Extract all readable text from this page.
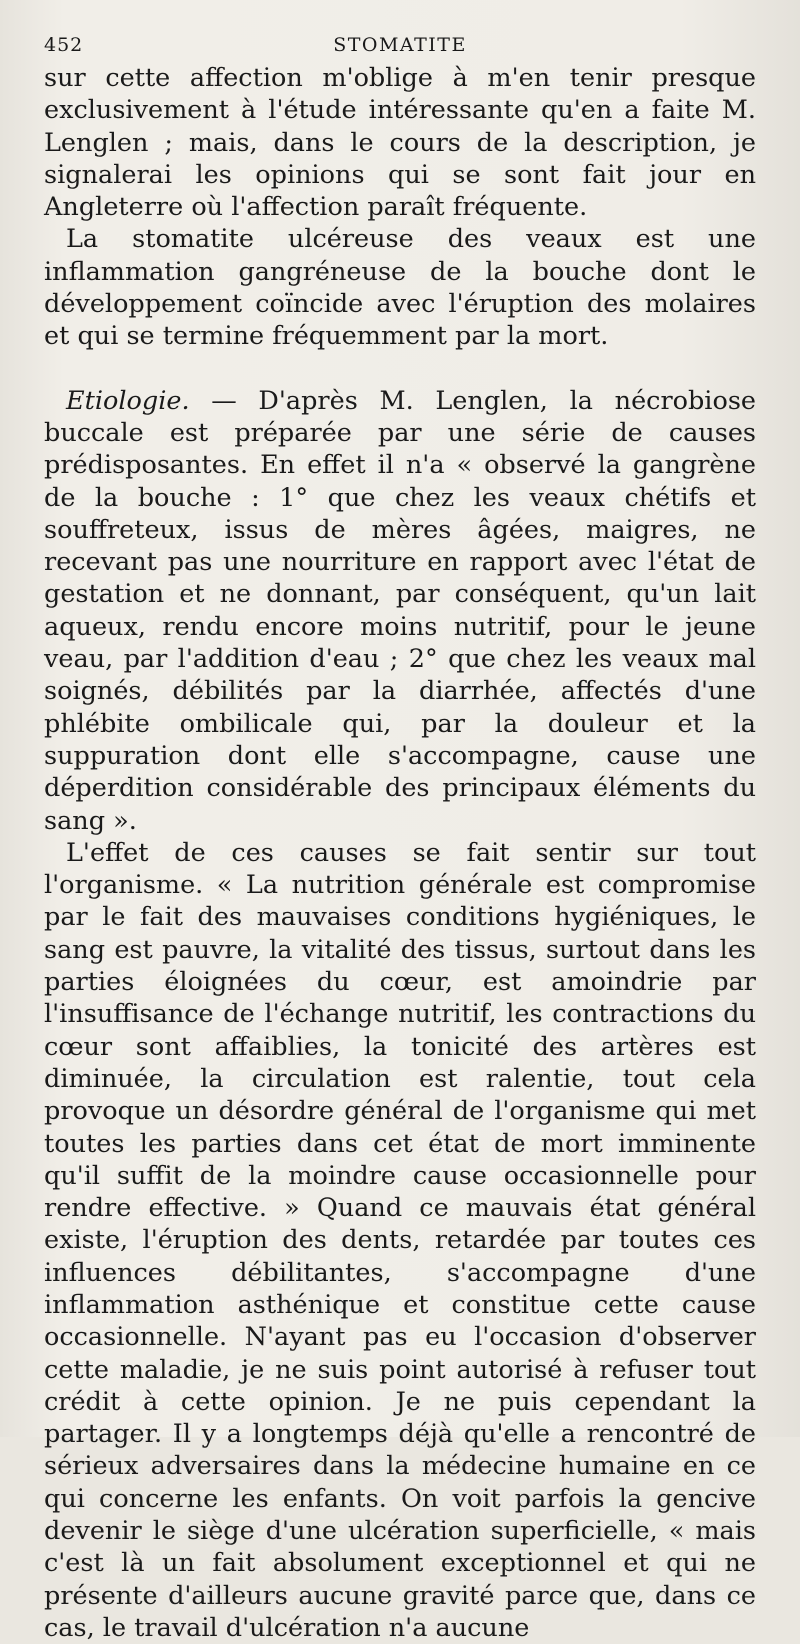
452	STOMATITE

sur cette affection m'oblige à m'en tenir presque exclusivement à l'étude intéressante qu'en a faite M. Lenglen ; mais, dans le cours de la description, je signalerai les opinions qui se sont fait jour en Angleterre où l'affection paraît fréquente.

La stomatite ulcéreuse des veaux est une inflammation gangréneuse de la bouche dont le développement coïncide avec l'éruption des molaires et qui se termine fréquemment par la mort.

Etiologie. — D'après M. Lenglen, la nécrobiose buccale est préparée par une série de causes prédisposantes. En effet il n'a « observé la gangrène de la bouche : 1° que chez les veaux chétifs et souffreteux, issus de mères âgées, maigres, ne recevant pas une nourriture en rapport avec l'état de gestation et ne donnant, par conséquent, qu'un lait aqueux, rendu encore moins nutritif, pour le jeune veau, par l'addition d'eau ; 2° que chez les veaux mal soignés, débilités par la diarrhée, affectés d'une phlébite ombilicale qui, par la douleur et la suppuration dont elle s'accompagne, cause une déperdition considérable des principaux éléments du sang ».

L'effet de ces causes se fait sentir sur tout l'organisme. « La nutrition générale est compromise par le fait des mauvaises conditions hygiéniques, le sang est pauvre, la vitalité des tissus, surtout dans les parties éloignées du cœur, est amoindrie par l'insuffisance de l'échange nutritif, les contractions du cœur sont affaiblies, la tonicité des artères est diminuée, la circulation est ralentie, tout cela provoque un désordre général de l'organisme qui met toutes les parties dans cet état de mort imminente qu'il suffit de la moindre cause occasionnelle pour rendre effective. » Quand ce mauvais état général existe, l'éruption des dents, retardée par toutes ces influences débilitantes, s'accompagne d'une inflammation asthénique et constitue cette cause occasionnelle. N'ayant pas eu l'occasion d'observer cette maladie, je ne suis point autorisé à refuser tout crédit à cette opinion. Je ne puis cependant la partager. Il y a longtemps déjà qu'elle a rencontré de sérieux adversaires dans la médecine humaine en ce qui concerne les enfants. On voit parfois la gencive devenir le siège d'une ulcération superficielle, « mais c'est là un fait absolument exceptionnel et qui ne présente d'ailleurs aucune gravité parce que, dans ce cas, le travail d'ulcération n'a aucune
